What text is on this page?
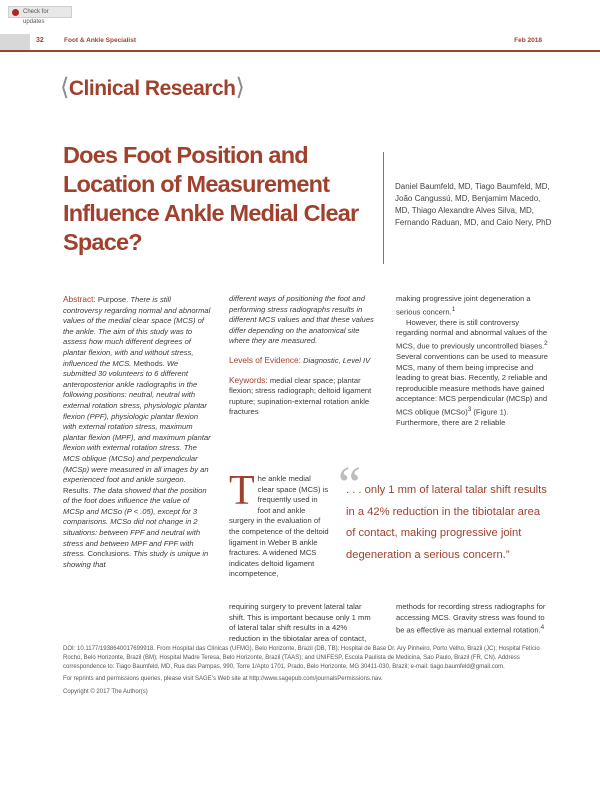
Check for updates
32	Foot & Ankle Specialist	Feb 2018
⟨Clinical Research⟩
Does Foot Position and Location of Measurement Influence Ankle Medial Clear Space?
Daniel Baumfeld, MD, Tiago Baumfeld, MD, João Cangussú, MD, Benjamim Macedo, MD, Thiago Alexandre Alves Silva, MD, Fernando Raduan, MD, and Caio Nery, PhD

Abstract: Purpose. There is still controversy regarding normal and abnormal values of the medial clear space (MCS) of the ankle. The aim of this study was to assess how much different degrees of plantar flexion, with and without stress, influenced the MCS. Methods. We submitted 30 volunteers to 6 different anteroposterior ankle radiographs in the following positions: neutral, neutral with external rotation stress, physiologic plantar flexion (PPF), physiologic plantar flexion with external rotation stress, maximum plantar flexion (MPF), and maximum plantar flexion with external rotation stress. The MCS oblique (MCSo) and perpendicular (MCSp) were measured in all images by an experienced foot and ankle surgeon. Results. The data showed that the position of the foot does influence the value of MCSp and MCSo (P < .05), except for 3 comparisons. MCSo did not change in 2 situations: between FPF and neutral with stress and between MPF and FPF with stress. Conclusions. This study is unique in showing that

different ways of positioning the foot and performing stress radiographs results in different MCS values and that these values differ depending on the anatomical site where they are measured.

Levels of Evidence: Diagnostic, Level IV

Keywords: medial clear space; plantar flexion; stress radiograph; deltoid ligament rupture; supination-external rotation ankle fractures

T he ankle medial clear space (MCS) is frequently used in foot and ankle surgery in the evaluation of the competence of the deltoid ligament in Weber B ankle fractures. A widened MCS indicates deltoid ligament incompetence,
requiring surgery to prevent lateral talar shift. This is important because only 1 mm of lateral talar shift results in a 42% reduction in the tibiotalar area of contact,

making progressive joint degeneration a serious concern.$^1$

However, there is still controversy regarding normal and abnormal values of the MCS, due to previously uncontrolled biases.$^2$ Several conventions can be used to measure MCS, many of them being imprecise and leading to great bias. Recently, 2 reliable and reproducible measure methods have gained acceptance: MCS perpendicular (MCSp) and MCS oblique (MCSo)$^3$ (Figure 1). Furthermore, there are 2 reliable

“
. . . only 1 mm of lateral talar shift results in a 42% reduction in the tibiotalar area of contact, making progressive joint degeneration a serious concern.”
methods for recording stress radiographs for accessing MCS. Gravity stress was found to be as effective as manual external rotation.$^4$

DOI: 10.1177/1938640017699918. From Hospital das Clínicas (UFMG), Belo Horizonte, Brazil (DB, TB); Hospital de Base Dr. Ary Pinheiro, Porto Velho, Brazil (JC); Hospital Felício Rocho, Belo Horizonte, Brazil (BM); Hospital Madre Teresa, Belo Horizonte, Brazil (TAAS); and UNIFESP, Escola Paulista de Medicina, Sao Paulo, Brazil (FR, CN). Address correspondence to: Tiago Baumfeld, MD, Rua das Pampas, 990, Torre 1/Apto 1701, Prado, Belo Horizonte, MG 30411-030, Brazil; e-mail: tiago.baumfeld@gmail.com.

For reprints and permissions queries, please visit SAGE’s Web site at http://www.sagepub.com/journalsPermissions.nav.

Copyright © 2017 The Author(s)
